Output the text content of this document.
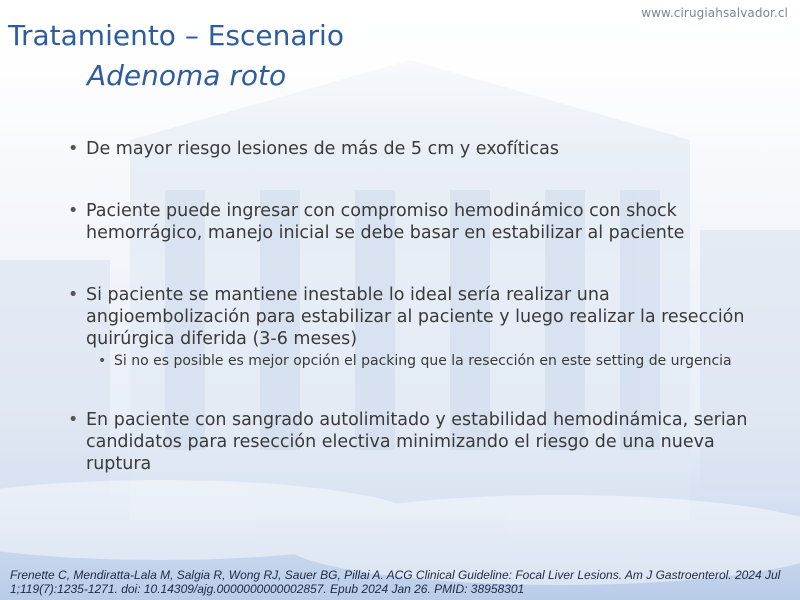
www.cirugiahsalvador.cl
Tratamiento – Escenario
Adenoma roto
• De mayor riesgo lesiones de más de 5 cm y exofíticas
• Paciente puede ingresar con compromiso hemodinámico con shock hemorrágico, manejo inicial se debe basar en estabilizar al paciente
• Si paciente se mantiene inestable lo ideal sería realizar una angioembolización para estabilizar al paciente y luego realizar la resección quirúrgica diferida (3-6 meses)
• Si no es posible es mejor opción el packing que la resección en este setting de urgencia
• En paciente con sangrado autolimitado y estabilidad hemodinámica, serian candidatos para resección electiva minimizando el riesgo de una nueva ruptura
Frenette C, Mendiratta-Lala M, Salgia R, Wong RJ, Sauer BG, Pillai A. ACG Clinical Guideline: Focal Liver Lesions. Am J Gastroenterol. 2024 Jul 1;119(7):1235-1271. doi: 10.14309/ajg.0000000000002857. Epub 2024 Jan 26. PMID: 38958301
